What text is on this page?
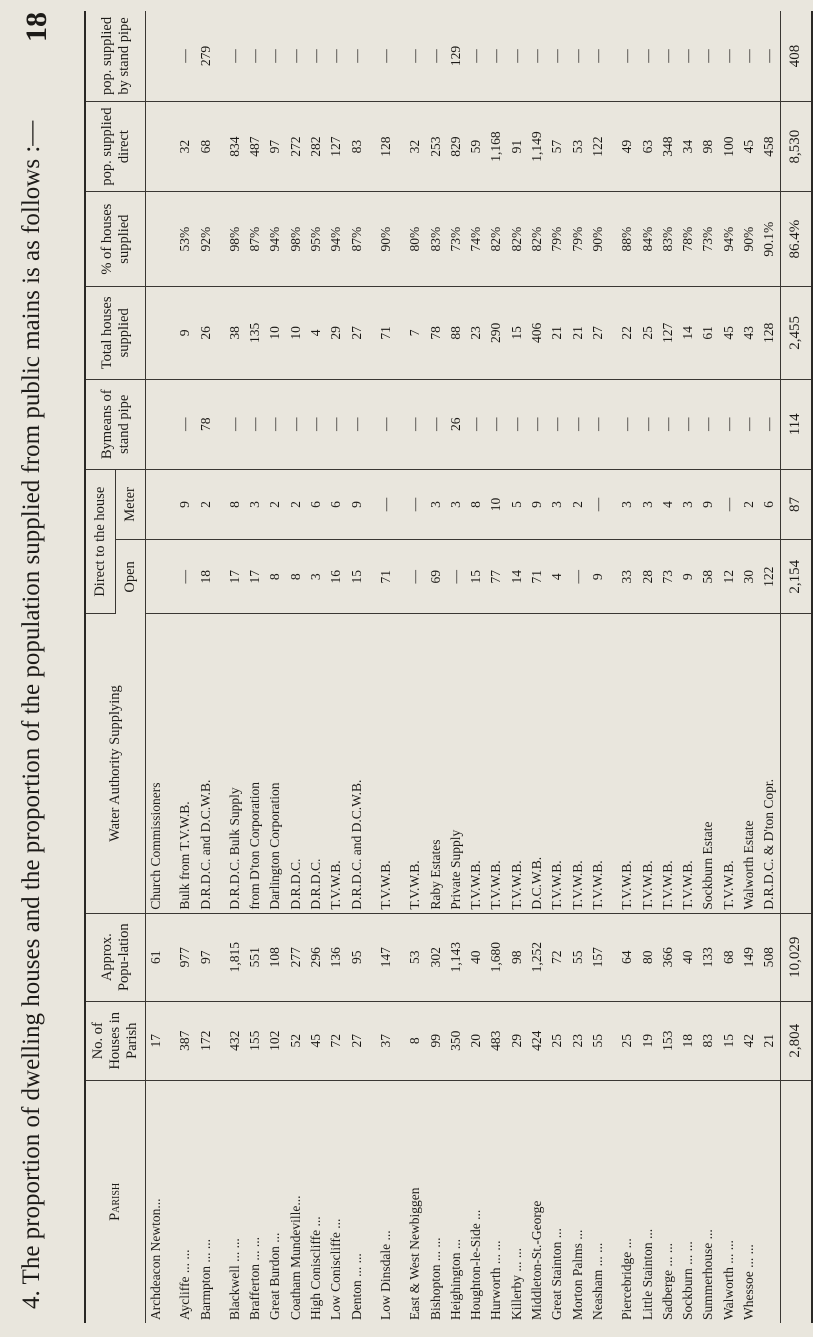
4. The proportion of dwelling houses and the proportion of the population supplied from public mains is as follows :—
18
Parish	No. of Houses in Parish	Approx. Popu-lation	Water Authority Supplying	Direct to the house		Bymeans of stand pipe	Total houses supplied	% of houses supplied	pop. supplied direct	pop. supplied by stand pipe
				Open	Meter					
Archdeacon Newton...	17	61	Church Commissioners							

Aycliffe ... ...	387	977	Bulk from T.V.W.B.	—	9	—	9	53%	32	—
Barmpton ... ...	172	97	D.R.D.C. and D.C.W.B.	18	2	78	26	92%	68	279

Blackwell ... ...	432	1,815	D.R.D.C. Bulk Supply	17	8	—	38	98%	834	—
Brafferton ... ...	155	551	from D'ton Corporation	17	3	—	135	87%	487	—
Great Burdon ...	102	108	Darlington Corporation	8	2	—	10	94%	97	—
Coatham Mundeville...	52	277	D.R.D.C.	8	2	—	10	98%	272	—
High Coniscliffe ...	45	296	D.R.D.C.	3	6	—	4	95%	282	—
Low Coniscliffe ...	72	136	T.V.W.B.	16	6	—	29	94%	127	—
Denton ... ...	27	95	D.R.D.C. and D.C.W.B.	15	9	—	27	87%	83	—

Low Dinsdale ...	37	147	T.V.W.B.	71	—	—	71	90%	128	—

East & West Newbiggen	8	53	T.V.W.B.	—	—	—	7	80%	32	—
Bishopton ... ...	99	302	Raby Estates	69	3	—	78	83%	253	—
Heighington ...	350	1,143	Private Supply	—	3	26	88	73%	829	129
Houghton-le-Side ...	20	40	T.V.W.B.	15	8	—	23	74%	59	—
Hurworth ... ...	483	1,680	T.V.W.B.	77	10	—	290	82%	1,168	—
Killerby ... ...	29	98	T.V.W.B.	14	5	—	15	82%	91	—
Middleton-St.-George	424	1,252	D.C.W.B.	71	9	—	406	82%	1,149	—
Great Stainton ...	25	72	T.V.W.B.	4	3	—	21	79%	57	—
Morton Palms ...	23	55	T.V.W.B.	—	2	—	21	79%	53	—
Neasham ... ...	55	157	T.V.W.B.	9	—	—	27	90%	122	—

Piercebridge ...	25	64	T.V.W.B.	33	3	—	22	88%	49	—
Little Stainton ...	19	80	T.V.W.B.	28	3	—	25	84%	63	—
Sadberge ... ...	153	366	T.V.W.B.	73	4	—	127	83%	348	—
Sockburn ... ...	18	40	T.V.W.B.	9	3	—	14	78%	34	—
Summerhouse ...	83	133	Sockburn Estate	58	9	—	61	73%	98	—
Walworth ... ...	15	68	T.V.W.B.	12	—	—	45	94%	100	—
Whessoe ... ...	42	149	Walworth Estate	30	2	—	43	90%	45	—
	21	508	D.R.D.C. & D'ton Copr.	122	6	—	128	90.1%	458	—
	2,804	10,029		2,154	87	114	2,455	86.4%	8,530	408
